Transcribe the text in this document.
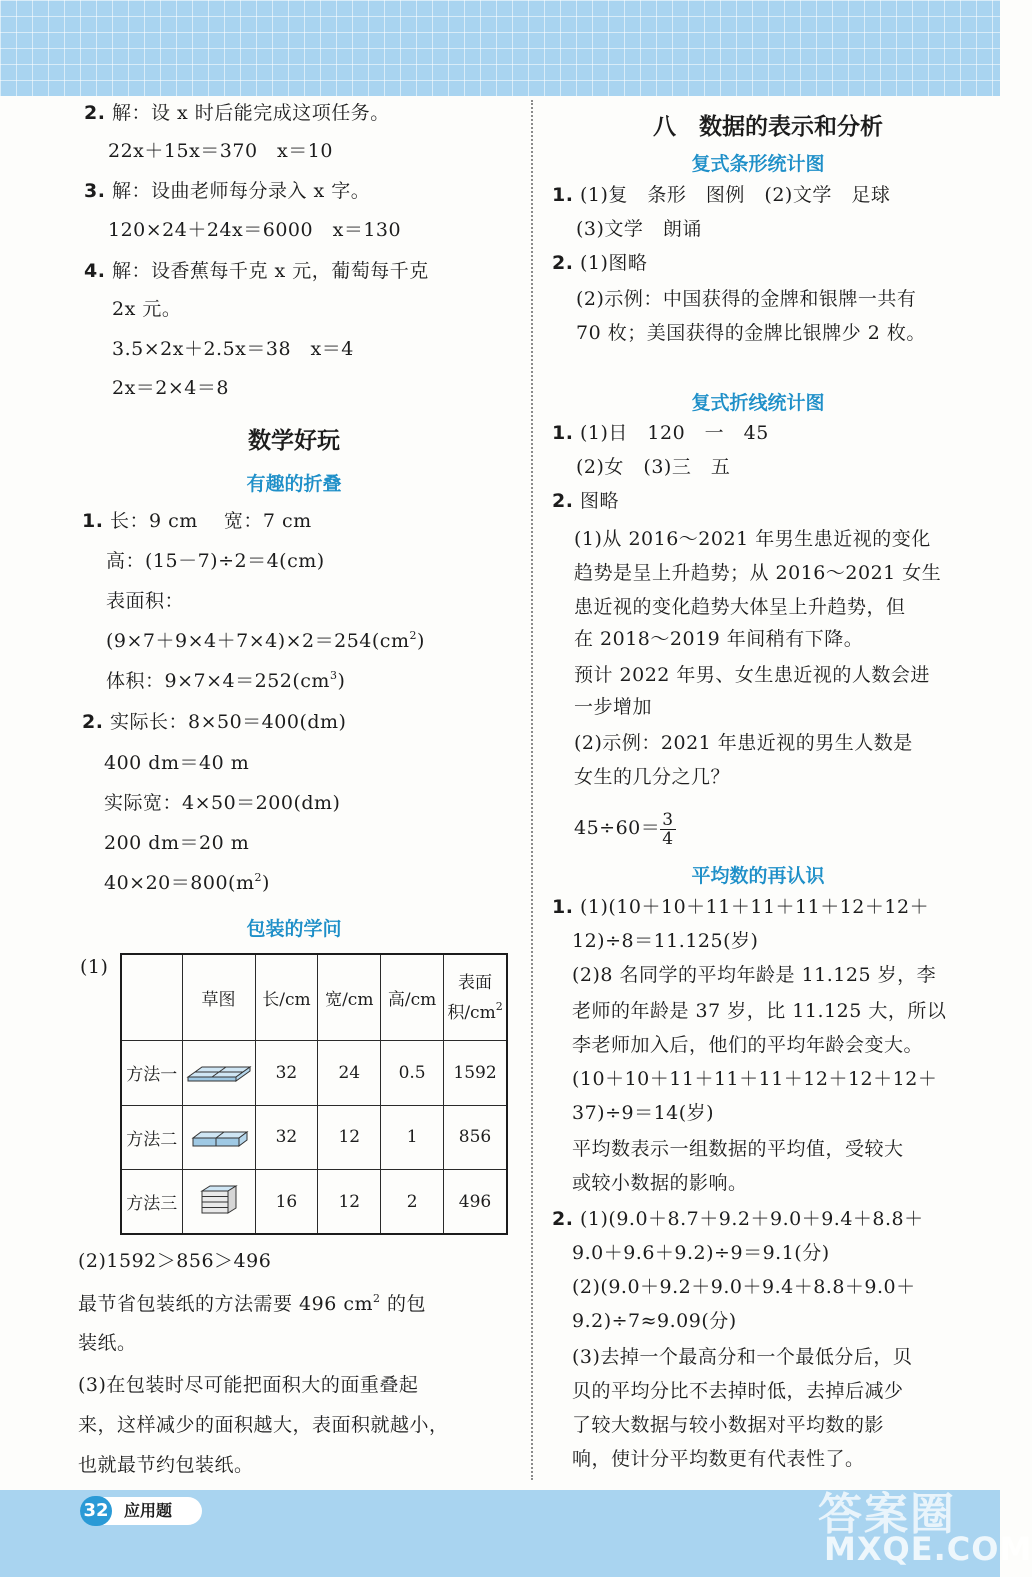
2. 解：设 x 时后能完成这项任务。
22x＋15x＝370　x＝10
3. 解：设曲老师每分录入 x 字。
120×24＋24x＝6000　x＝130
4. 解：设香蕉每千克 x 元，葡萄每千克
2x 元。
3.5×2x＋2.5x＝38　x＝4
2x＝2×4＝8
数学好玩
有趣的折叠
1. 长：9 cm　 宽：7 cm
高：(15－7)÷2＝4(cm)
表面积：
$(9\times 7+9\times 4+7\times 4)\times 2=254(cm^2)$
体积：$9\times 7\times 4=252(cm^3)$
2. 实际长：8×50＝400(dm)
400 dm＝40 m
实际宽：4×50＝200(dm)
200 dm＝20 m
$40\times 20=800(m^2)$
包装的学问
(1)
	草图	长/cm	宽/cm	高/cm	表面
积$/cm^2$
方法一		32	24	0.5	1592
方法二		32	12	1	856
方法三		16	12	2	496
(2)1592＞856＞496
最节省包装纸的方法需要 496 $cm^2$ 的包
装纸。
(3)在包装时尽可能把面积大的面重叠起
来，这样减少的面积越大，表面积就越小，
也就最节约包装纸。
八　数据的表示和分析
复式条形统计图
1. (1)复　条形　图例　(2)文学　足球
(3)文学　朗诵
2. (1)图略
(2)示例：中国获得的金牌和银牌一共有
70 枚；美国获得的金牌比银牌少 2 枚。
复式折线统计图
1. (1)日　120　一　45
(2)女　(3)三　五
2. 图略
(1)从 2016～2021 年男生患近视的变化
趋势是呈上升趋势；从 2016～2021 女生
患近视的变化趋势大体呈上升趋势，但
在 2018～2019 年间稍有下降。
预计 2022 年男、女生患近视的人数会进
一步增加
(2)示例：2021 年患近视的男生人数是
女生的几分之几？
$45\div 60= \frac{3}{4}$
平均数的再认识
1. (1)(10＋10＋11＋11＋11＋12＋12＋
12)÷8＝11.125(岁)
(2)8 名同学的平均年龄是 11.125 岁，李
老师的年龄是 37 岁，比 11.125 大，所以
李老师加入后，他们的平均年龄会变大。
(10＋10＋11＋11＋11＋12＋12＋12＋
37)÷9＝14(岁)
平均数表示一组数据的平均值，受较大
或较小数据的影响。
2. (1)(9.0＋8.7＋9.2＋9.0＋9.4＋8.8＋
9.0＋9.6＋9.2)÷9＝9.1(分)
(2)(9.0＋9.2＋9.0＋9.4＋8.8＋9.0＋
9.2)÷7≈9.09(分)
(3)去掉一个最高分和一个最低分后，贝
贝的平均分比不去掉时低，去掉后减少
了较大数据与较小数据对平均数的影
响，使计分平均数更有代表性了。
32 应用题	答案圈
MXQE.COM
